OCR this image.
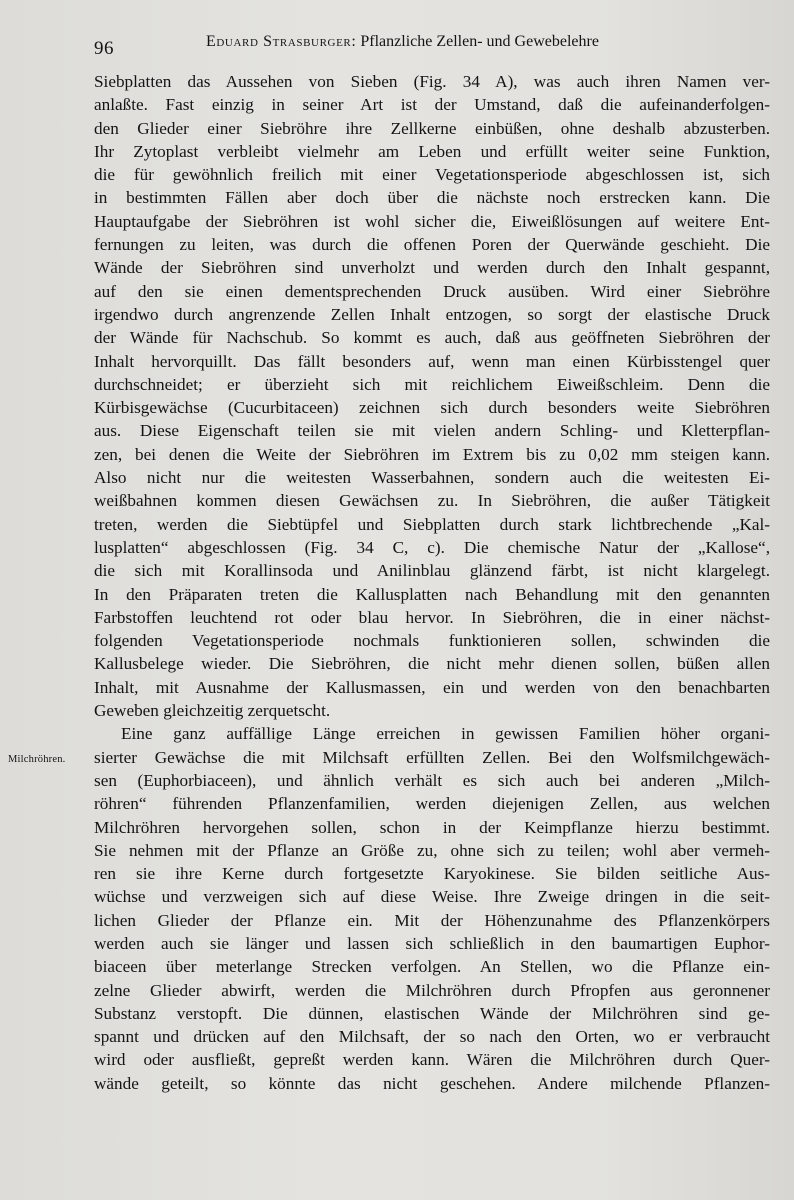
96	Eduard Strasburger: Pflanzliche Zellen- und Gewebelehre
Milchröhren.
Siebplatten das Aussehen von Sieben (Fig. 34 A), was auch ihren Namen ver-
anlaßte. Fast einzig in seiner Art ist der Umstand, daß die aufeinanderfolgen-
den Glieder einer Siebröhre ihre Zellkerne einbüßen, ohne deshalb abzusterben.
Ihr Zytoplast verbleibt vielmehr am Leben und erfüllt weiter seine Funktion,
die für gewöhnlich freilich mit einer Vegetationsperiode abgeschlossen ist, sich
in bestimmten Fällen aber doch über die nächste noch erstrecken kann. Die
Hauptaufgabe der Siebröhren ist wohl sicher die, Eiweißlösungen auf weitere Ent-
fernungen zu leiten, was durch die offenen Poren der Querwände geschieht. Die
Wände der Siebröhren sind unverholzt und werden durch den Inhalt gespannt,
auf den sie einen dementsprechenden Druck ausüben. Wird einer Siebröhre
irgendwo durch angrenzende Zellen Inhalt entzogen, so sorgt der elastische Druck
der Wände für Nachschub. So kommt es auch, daß aus geöffneten Siebröhren der
Inhalt hervorquillt. Das fällt besonders auf, wenn man einen Kürbisstengel quer
durchschneidet; er überzieht sich mit reichlichem Eiweißschleim. Denn die
Kürbisgewächse (Cucurbitaceen) zeichnen sich durch besonders weite Siebröhren
aus. Diese Eigenschaft teilen sie mit vielen andern Schling- und Kletterpflan-
zen, bei denen die Weite der Siebröhren im Extrem bis zu 0,02 mm steigen kann.
Also nicht nur die weitesten Wasserbahnen, sondern auch die weitesten Ei-
weißbahnen kommen diesen Gewächsen zu. In Siebröhren, die außer Tätigkeit
treten, werden die Siebtüpfel und Siebplatten durch stark lichtbrechende „Kal-
lusplatten“ abgeschlossen (Fig. 34 C, c). Die chemische Natur der „Kallose“,
die sich mit Korallinsoda und Anilinblau glänzend färbt, ist nicht klargelegt.
In den Präparaten treten die Kallusplatten nach Behandlung mit den genannten
Farbstoffen leuchtend rot oder blau hervor. In Siebröhren, die in einer nächst-
folgenden Vegetationsperiode nochmals funktionieren sollen, schwinden die
Kallusbelege wieder. Die Siebröhren, die nicht mehr dienen sollen, büßen allen
Inhalt, mit Ausnahme der Kallusmassen, ein und werden von den benachbarten
Geweben gleichzeitig zerquetscht.
Eine ganz auffällige Länge erreichen in gewissen Familien höher organi-
sierter Gewächse die mit Milchsaft erfüllten Zellen. Bei den Wolfsmilchgewäch-
sen (Euphorbiaceen), und ähnlich verhält es sich auch bei anderen „Milch-
röhren“ führenden Pflanzenfamilien, werden diejenigen Zellen, aus welchen
Milchröhren hervorgehen sollen, schon in der Keimpflanze hierzu bestimmt.
Sie nehmen mit der Pflanze an Größe zu, ohne sich zu teilen; wohl aber vermeh-
ren sie ihre Kerne durch fortgesetzte Karyokinese. Sie bilden seitliche Aus-
wüchse und verzweigen sich auf diese Weise. Ihre Zweige dringen in die seit-
lichen Glieder der Pflanze ein. Mit der Höhenzunahme des Pflanzenkörpers
werden auch sie länger und lassen sich schließlich in den baumartigen Euphor-
biaceen über meterlange Strecken verfolgen. An Stellen, wo die Pflanze ein-
zelne Glieder abwirft, werden die Milchröhren durch Pfropfen aus geronnener
Substanz verstopft. Die dünnen, elastischen Wände der Milchröhren sind ge-
spannt und drücken auf den Milchsaft, der so nach den Orten, wo er verbraucht
wird oder ausfließt, gepreßt werden kann. Wären die Milchröhren durch Quer-
wände geteilt, so könnte das nicht geschehen. Andere milchende Pflanzen-
